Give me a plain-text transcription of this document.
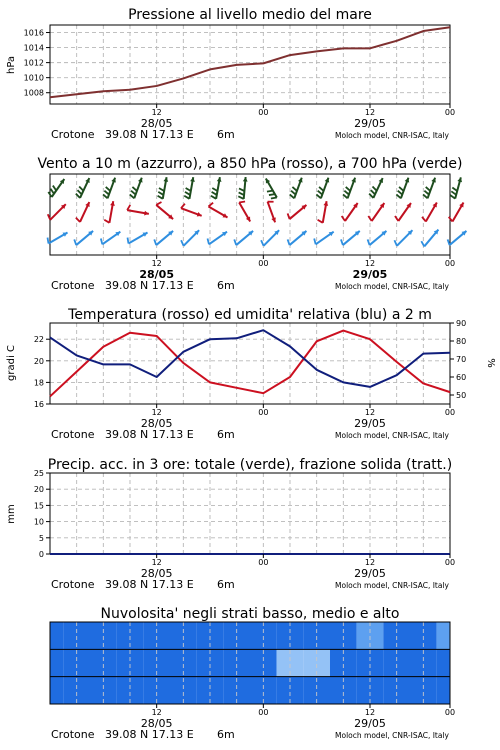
Pressione al livello medio del mare
1008
1010
1012
1014
1016
hPa
12	00	12	00
28/05	29/05
Crotone 39.08 N 17.13 E 6m	Moloch model, CNR-ISAC, Italy
Vento a 10 m (azzurro), a 850 hPa (rosso), a 700 hPa (verde)
12	00	12	00
28/05	29/05
Crotone 39.08 N 17.13 E 6m	Moloch model, CNR-ISAC, Italy
Temperatura (rosso) ed umidita' relativa (blu) a 2 m
16
18
20
22
50
60
70
80
90
gradi C	%
12	00	12	00
28/05	29/05
Crotone 39.08 N 17.13 E 6m	Moloch model, CNR-ISAC, Italy
Precip. acc. in 3 ore: totale (verde), frazione solida (tratt.)
0
5
10
15
20
25
mm
12	00	12	00
28/05	29/05
Crotone 39.08 N 17.13 E 6m	Moloch model, CNR-ISAC, Italy
Nuvolosita' negli strati basso, medio e alto
12	00	12	00
28/05	29/05
Crotone 39.08 N 17.13 E 6m	Moloch model, CNR-ISAC, Italy
